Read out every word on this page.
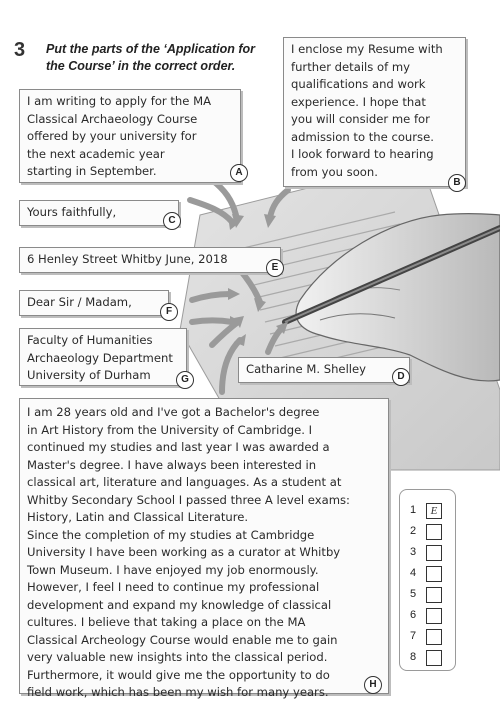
3 Put the parts of the ‘Application for
the Course’ in the correct order.
I am writing to apply for the MA
Classical Archaeology Course
offered by your university for
the next academic year
starting in September.	A
I enclose my Resume with
further details of my
qualifications and work
experience. I hope that
you will consider me for
admission to the course.
I look forward to hearing
from you soon.
B
Yours faithfully,
C
6 Henley Street Whitby June, 2018
E
Dear Sir / Madam,
F
Faculty of Humanities
Archaeology Department
University of Durham	G
Catharine M. Shelley
D
I am 28 years old and I've got a Bachelor's degree
in Art History from the University of Cambridge. I
continued my studies and last year I was awarded a
Master's degree. I have always been interested in
classical art, literature and languages. As a student at
Whitby Secondary School I passed three A level exams:
History, Latin and Classical Literature.
Since the completion of my studies at Cambridge
University I have been working as a curator at Whitby
Town Museum. I have enjoyed my job enormously.
However, I feel I need to continue my professional
development and expand my knowledge of classical
cultures. I believe that taking a place on the MA
Classical Archeology Course would enable me to gain
very valuable new insights into the classical period.
Furthermore, it would give me the opportunity to do
field work, which has been my wish for many years.
H
1	E
2
3
4
5
6
7
8
